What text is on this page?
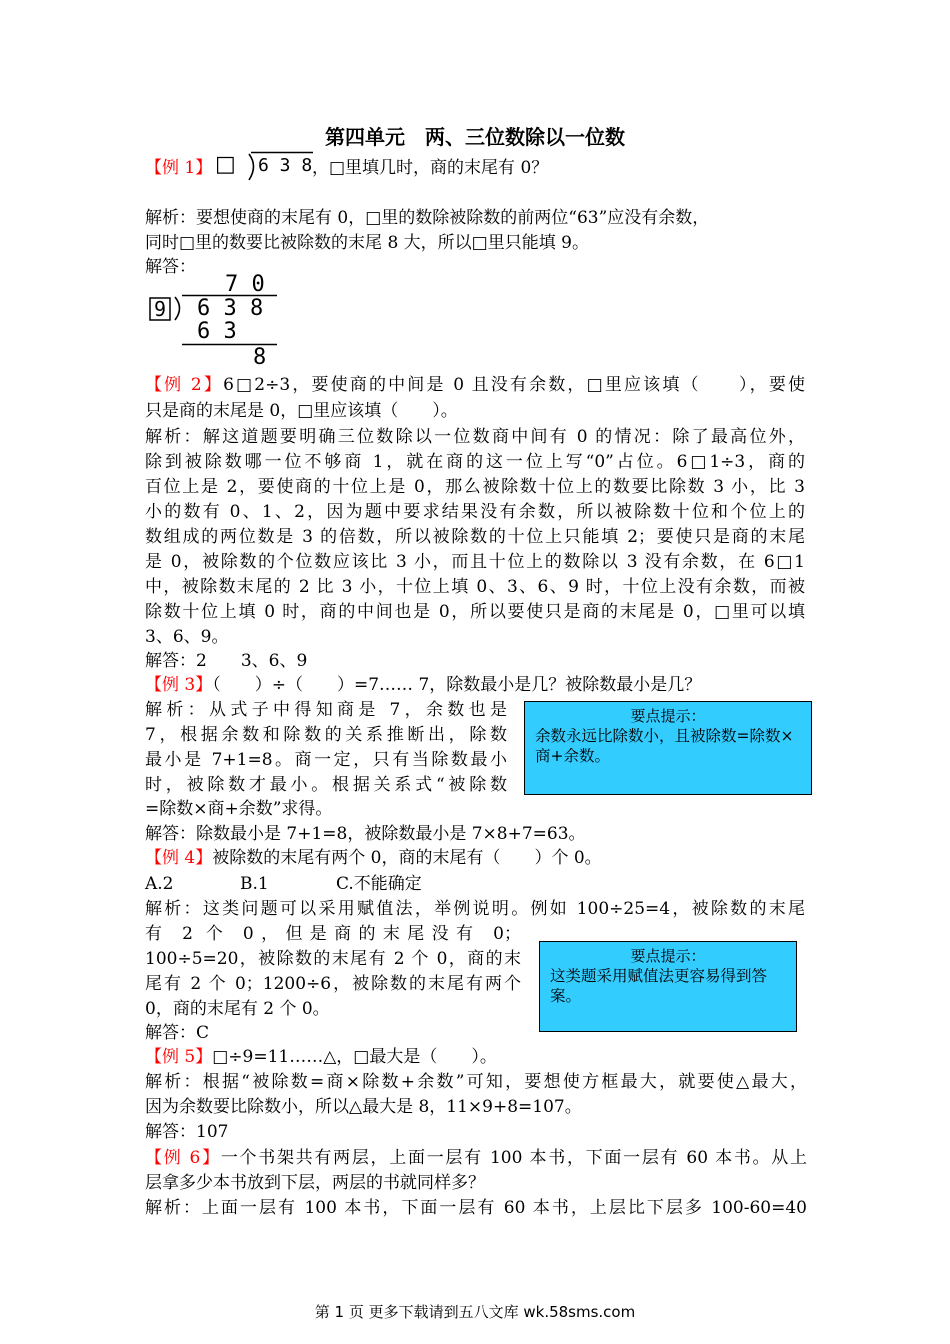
第四单元　两、三位数除以一位数
【例 1】 □ 6 3 8 ，□里填几时，商的末尾有 0？
解析：要想使商的末尾有 0，□里的数除被除数的前两位“63”应没有余数，
同时□里的数要比被除数的末尾 8 大，所以□里只能填 9。
解答：
7 0
9 6 3 8
6 3
8
【例 2】6□2÷3，要使商的中间是 0 且没有余数，□里应该填（　　），要使
只是商的末尾是 0，□里应该填（　　）。
解析：解这道题要明确三位数除以一位数商中间有 0 的情况：除了最高位外，
除到被除数哪一位不够商 1，就在商的这一位上写“0”占位。6□1÷3，商的
百位上是 2，要使商的十位上是 0，那么被除数十位上的数要比除数 3 小，比 3
小的数有 0、1、2，因为题中要求结果没有余数，所以被除数十位和个位上的
数组成的两位数是 3 的倍数，所以被除数的十位上只能填 2；要使只是商的末尾
是 0，被除数的个位数应该比 3 小，而且十位上的数除以 3 没有余数，在 6□1
中，被除数末尾的 2 比 3 小，十位上填 0、3、6、9 时，十位上没有余数，而被
除数十位上填 0 时，商的中间也是 0，所以要使只是商的末尾是 0，□里可以填
3、6、9。
解答：2　　3、6、9
【例 3】（　　）÷（　　）=7…… 7，除数最小是几？被除数最小是几？
解析：从式子中得知商是 7，余数也是
7，根据余数和除数的关系推断出，除数
最小是 7+1=8。商一定，只有当除数最小
时，被除数才最小。根据关系式“被除数
=除数×商+余数”求得。
要点提示：
余数永远比除数小，且被除数=除数×商+余数。
解答：除数最小是 7+1=8，被除数最小是 7×8+7=63。
【例 4】被除数的末尾有两个 0，商的末尾有（　　）个 0。
A.2	B.1	C.不能确定
解析：这类问题可以采用赋值法，举例说明。例如 100÷25=4，被除数的末尾
有 2 个 0，但是商的末尾没有 0；
100÷5=20，被除数的末尾有 2 个 0，商的末
尾有 2 个 0；1200÷6，被除数的末尾有两个
0，商的末尾有 2 个 0。
要点提示：
这类题采用赋值法更容易得到答案。
解答：C
【例 5】□÷9=11……△，□最大是（　　）。
解析：根据“被除数=商×除数+余数”可知，要想使方框最大，就要使△最大，
因为余数要比除数小，所以△最大是 8，11×9+8=107。
解答：107
【例 6】一个书架共有两层，上面一层有 100 本书，下面一层有 60 本书。从上
层拿多少本书放到下层，两层的书就同样多？
解析：上面一层有 100 本书，下面一层有 60 本书，上层比下层多 100-60=40
第 1 页 更多下载请到五八文库 wk.58sms.com
